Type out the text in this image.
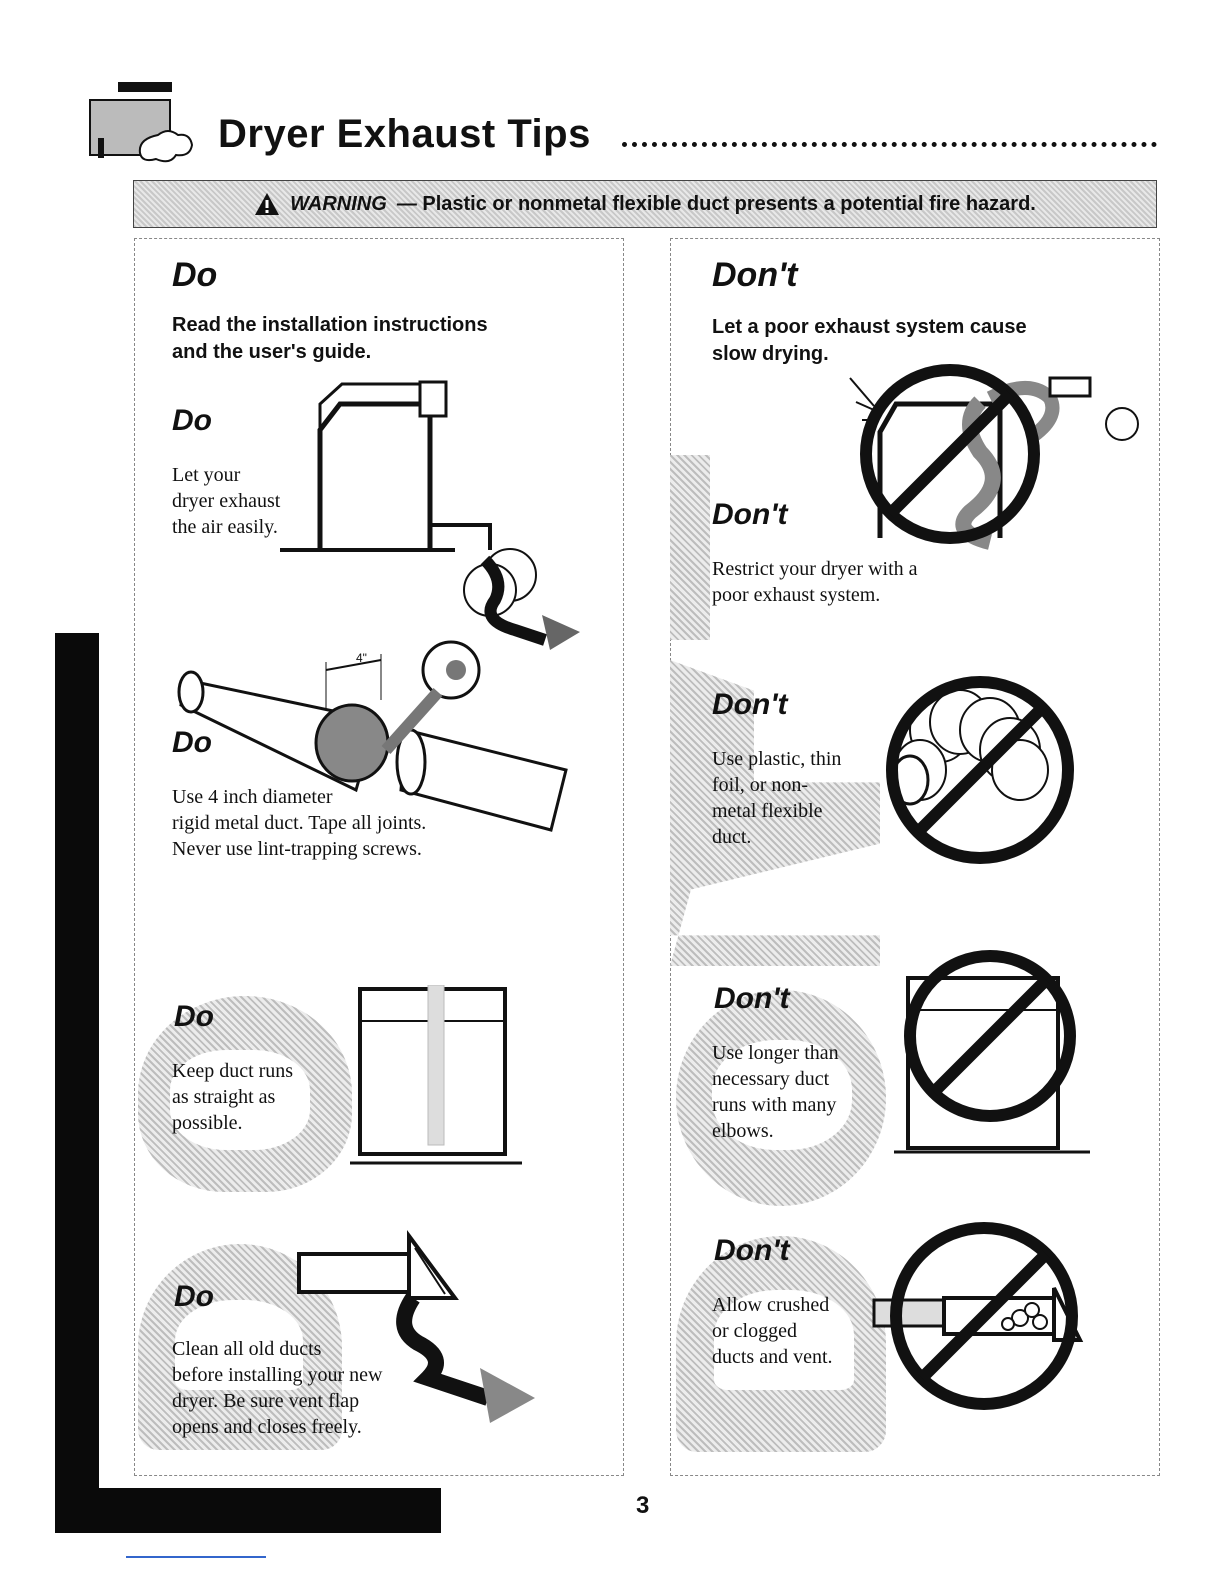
Dryer Exhaust Tips
WARNING — Plastic or nonmetal flexible duct presents a potential fire hazard.
Do
Read the installation instructions
and the user's guide.
Do
Let your
dryer exhaust
the air easily.
4"
Do
Use 4 inch diameter
rigid metal duct. Tape all joints.
Never use lint-trapping screws.
Do
Keep duct runs
as straight as
possible.
Do
Clean all old ducts
before installing your new
dryer. Be sure vent flap
opens and closes freely.
Don't
Let a poor exhaust system cause
slow drying.
Don't
Restrict your dryer with a
poor exhaust system.
Don't
Use plastic, thin
foil, or non-
metal flexible
duct.
Don't
Use longer than
necessary duct
runs with many
elbows.
Don't
Allow crushed
or clogged
ducts and vent.
3
